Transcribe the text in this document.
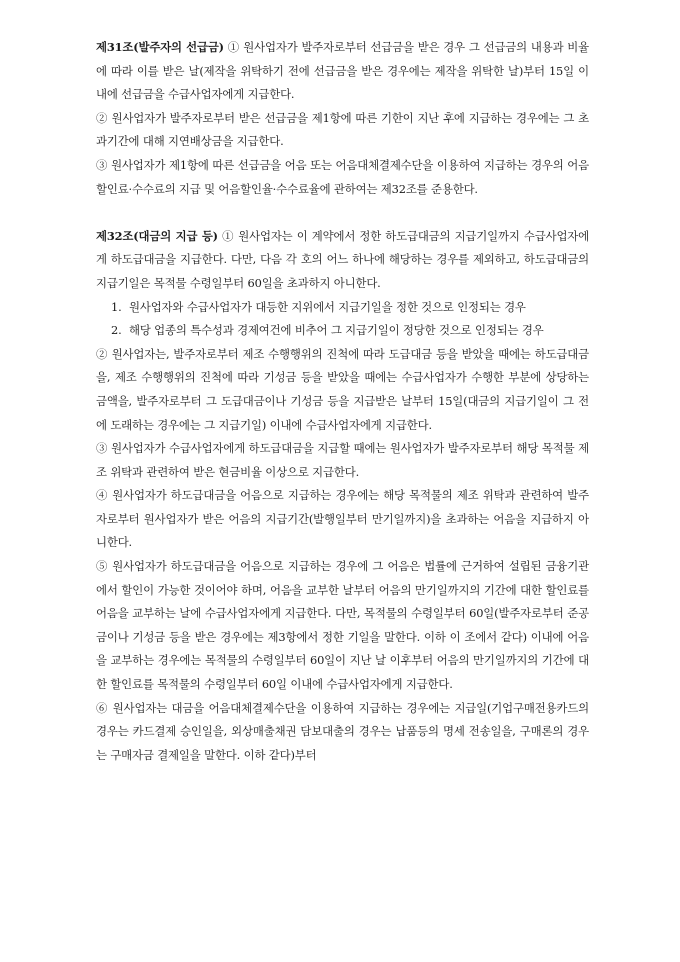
제31조(발주자의 선급금) ① 원사업자가 발주자로부터 선급금을 받은 경우 그 선급금의 내용과 비율에 따라 이를 받은 날(제작을 위탁하기 전에 선급금을 받은 경우에는 제작을 위탁한 날)부터 15일 이내에 선급금을 수급사업자에게 지급한다.

② 원사업자가 발주자로부터 받은 선급금을 제1항에 따른 기한이 지난 후에 지급하는 경우에는 그 초과기간에 대해 지연배상금을 지급한다.

③ 원사업자가 제1항에 따른 선급금을 어음 또는 어음대체결제수단을 이용하여 지급하는 경우의 어음할인료·수수료의 지급 및 어음할인율·수수료율에 관하여는 제32조를 준용한다.

제32조(대금의 지급 등) ① 원사업자는 이 계약에서 정한 하도급대금의 지급기일까지 수급사업자에게 하도급대금을 지급한다. 다만, 다음 각 호의 어느 하나에 해당하는 경우를 제외하고, 하도급대금의 지급기일은 목적물 수령일부터 60일을 초과하지 아니한다.

1. 원사업자와 수급사업자가 대등한 지위에서 지급기일을 정한 것으로 인정되는 경우
2. 해당 업종의 특수성과 경제여건에 비추어 그 지급기일이 정당한 것으로 인정되는 경우

② 원사업자는, 발주자로부터 제조 수행행위의 진척에 따라 도급대금 등을 받았을 때에는 하도급대금을, 제조 수행행위의 진척에 따라 기성금 등을 받았을 때에는 수급사업자가 수행한 부분에 상당하는 금액을, 발주자로부터 그 도급대금이나 기성금 등을 지급받은 날부터 15일(대금의 지급기일이 그 전에 도래하는 경우에는 그 지급기일) 이내에 수급사업자에게 지급한다.

③ 원사업자가 수급사업자에게 하도급대금을 지급할 때에는 원사업자가 발주자로부터 해당 목적물 제조 위탁과 관련하여 받은 현금비율 이상으로 지급한다.

④ 원사업자가 하도급대금을 어음으로 지급하는 경우에는 해당 목적물의 제조 위탁과 관련하여 발주자로부터 원사업자가 받은 어음의 지급기간(발행일부터 만기일까지)을 초과하는 어음을 지급하지 아니한다.

⑤ 원사업자가 하도급대금을 어음으로 지급하는 경우에 그 어음은 법률에 근거하여 설립된 금융기관에서 할인이 가능한 것이어야 하며, 어음을 교부한 날부터 어음의 만기일까지의 기간에 대한 할인료를 어음을 교부하는 날에 수급사업자에게 지급한다. 다만, 목적물의 수령일부터 60일(발주자로부터 준공금이나 기성금 등을 받은 경우에는 제3항에서 정한 기일을 말한다. 이하 이 조에서 같다) 이내에 어음을 교부하는 경우에는 목적물의 수령일부터 60일이 지난 날 이후부터 어음의 만기일까지의 기간에 대한 할인료를 목적물의 수령일부터 60일 이내에 수급사업자에게 지급한다.

⑥ 원사업자는 대금을 어음대체결제수단을 이용하여 지급하는 경우에는 지급일(기업구매전용카드의 경우는 카드결제 승인일을, 외상매출채권 담보대출의 경우는 납품등의 명세 전송일을, 구매론의 경우는 구매자금 결제일을 말한다. 이하 같다)부터
